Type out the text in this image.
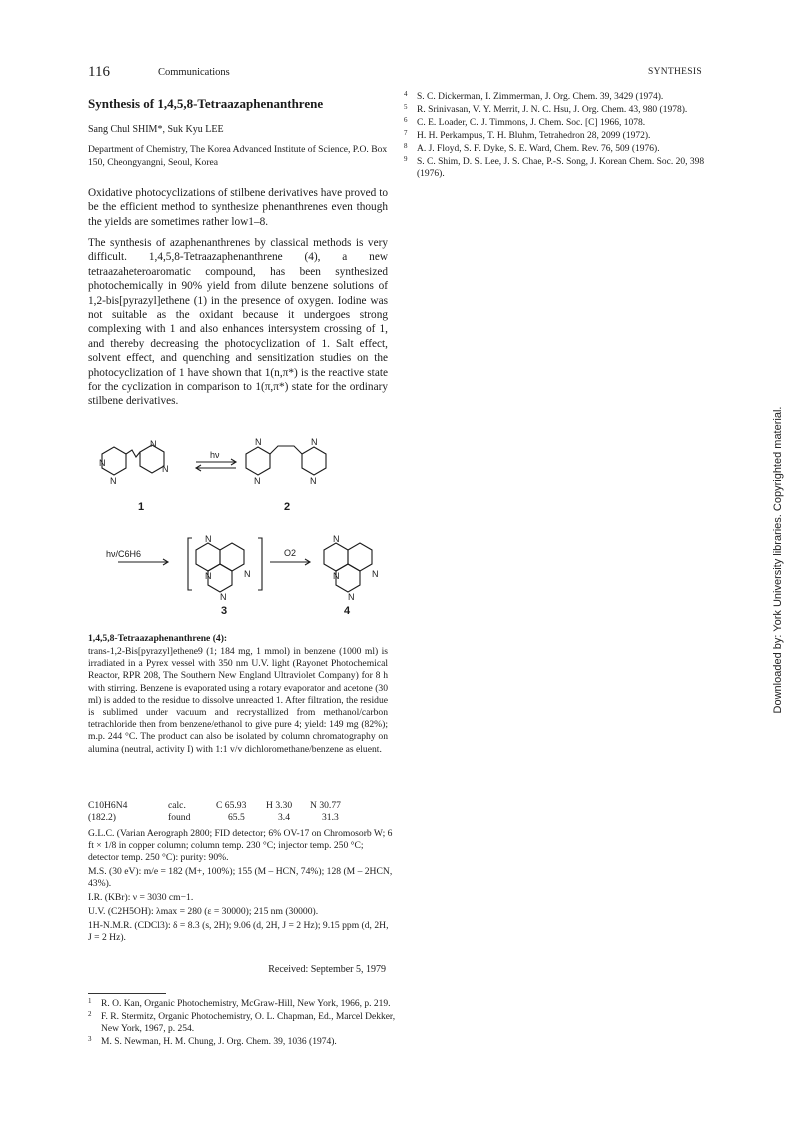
116	Communications	SYNTHESIS
Synthesis of 1,4,5,8-Tetraazaphenanthrene
Sang Chul SHIM*, Suk Kyu LEE
Department of Chemistry, The Korea Advanced Institute of Science, P.O. Box 150, Cheongyangni, Seoul, Korea
Oxidative photocyclizations of stilbene derivatives have proved to be the efficient method to synthesize phenanthrenes even though the yields are sometimes rather low1–8.
The synthesis of azaphenanthrenes by classical methods is very difficult. 1,4,5,8-Tetraazaphenanthrene (4), a new tetraazaheteroaromatic compound, has been synthesized photochemically in 90% yield from dilute benzene solutions of 1,2-bis[pyrazyl]ethene (1) in the presence of oxygen. Iodine was not suitable as the oxidant because it undergoes strong complexing with 1 and also enhances intersystem crossing of 1, and thereby decreasing the photocyclization of 1. Salt effect, solvent effect, and quenching and sensitization studies on the photocyclization of 1 have shown that 1(n,π*) is the reactive state for the cyclization in comparison to 1(π,π*) state for the ordinary stilbene derivatives.
N
N
N
N
N
N
N
N
N
N	N
N
N
N	N
N
hν
hν/C6H6	O2
1	2
3	4
1,4,5,8-Tetraazaphenanthrene (4):
trans-1,2-Bis[pyrazyl]ethene9 (1; 184 mg, 1 mmol) in benzene (1000 ml) is irradiated in a Pyrex vessel with 350 nm U.V. light (Rayonet Photochemical Reactor, RPR 208, The Southern New England Ultraviolet Company) for 8 h with stirring. Benzene is evaporated using a rotary evaporator and acetone (30 ml) is added to the residue to dissolve unreacted 1. After filtration, the residue is sublimed under vacuum and recrystallized from methanol/carbon tetrachloride then from benzene/ethanol to give pure 4; yield: 149 mg (82%); m.p. 244 °C. The product can also be isolated by column chromatography on alumina (neutral, activity I) with 1:1 v/v dichloromethane/benzene as eluent.
C10H6N4	calc.	C 65.93	H 3.30	N 30.77
(182.2)	found	65.5	3.4	31.3
G.L.C. (Varian Aerograph 2800; FID detector; 6% OV-17 on Chromosorb W; 6 ft × 1/8 in copper column; column temp. 230 °C; injector temp. 250 °C; detector temp. 250 °C): purity: 90%.
M.S. (30 eV): m/e = 182 (M+, 100%); 155 (M – HCN, 74%); 128 (M – 2HCN, 43%).
I.R. (KBr): ν = 3030 cm−1.
U.V. (C2H5OH): λmax = 280 (ε = 30000); 215 nm (30000).
1H-N.M.R. (CDCl3): δ = 8.3 (s, 2H); 9.06 (d, 2H, J = 2 Hz); 9.15 ppm (d, 2H, J = 2 Hz).
Received: September 5, 1979
1 R. O. Kan, Organic Photochemistry, McGraw-Hill, New York, 1966, p. 219.
2 F. R. Stermitz, Organic Photochemistry, O. L. Chapman, Ed., Marcel Dekker, New York, 1967, p. 254.
3 M. S. Newman, H. M. Chung, J. Org. Chem. 39, 1036 (1974).
4 S. C. Dickerman, I. Zimmerman, J. Org. Chem. 39, 3429 (1974).
5 R. Srinivasan, V. Y. Merrit, J. N. C. Hsu, J. Org. Chem. 43, 980 (1978).
6 C. E. Loader, C. J. Timmons, J. Chem. Soc. [C] 1966, 1078.
7 H. H. Perkampus, T. H. Bluhm, Tetrahedron 28, 2099 (1972).
8 A. J. Floyd, S. F. Dyke, S. E. Ward, Chem. Rev. 76, 509 (1976).
9 S. C. Shim, D. S. Lee, J. S. Chae, P.-S. Song, J. Korean Chem. Soc. 20, 398 (1976).
Downloaded by: York University libraries. Copyrighted material.
